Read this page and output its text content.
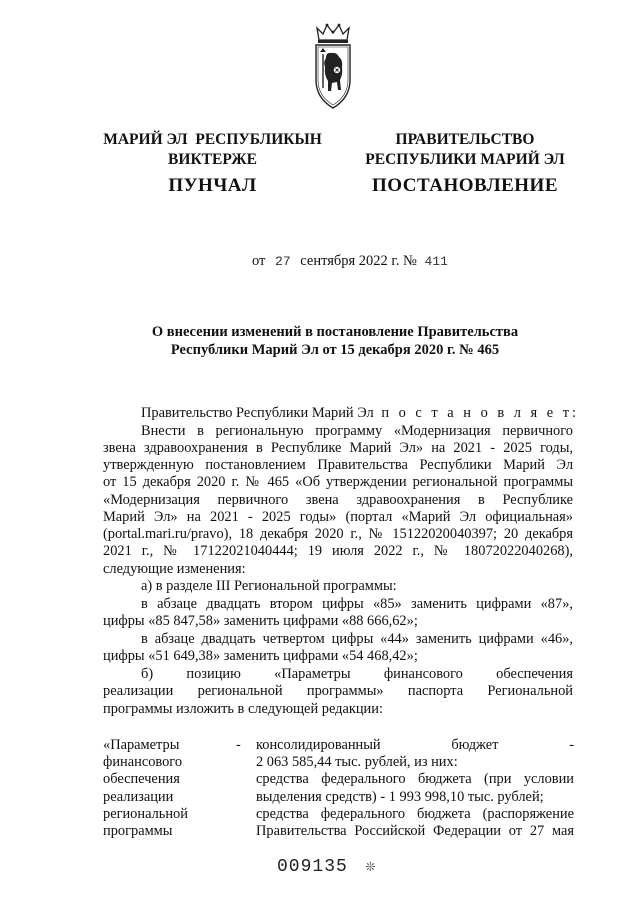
МАРИЙ ЭЛ  РЕСПУБЛИКЫН
ВИКТЕРЖЕ
ПУНЧАЛ
ПРАВИТЕЛЬСТВО
РЕСПУБЛИКИ МАРИЙ ЭЛ
ПОСТАНОВЛЕНИЕ
от 27 сентября 2022 г. № 411
О внесении изменений в постановление Правительства
Республики Марий Эл от 15 декабря 2020 г. № 465
Правительство Республики Марий Эл п о с т а н о в л я е т:
Внести в региональную программу «Модернизация первичного
звена здравоохранения в Республике Марий Эл» на 2021 - 2025 годы,
утвержденную постановлением Правительства Республики Марий Эл
от 15 декабря 2020 г. № 465 «Об утверждении региональной программы
«Модернизация первичного звена здравоохранения в Республике
Марий Эл» на 2021 - 2025 годы» (портал «Марий Эл официальная»
(portal.mari.ru/pravo), 18 декабря 2020 г., № 15122020040397; 20 декабря
2021 г., № 17122021040444; 19 июля 2022 г., № 18072022040268),
следующие изменения:
а) в разделе III Региональной программы:
в абзаце двадцать втором цифры «85» заменить цифрами «87»,
цифры «85 847,58» заменить цифрами «88 666,62»;
в абзаце двадцать четвертом цифры «44» заменить цифрами «46»,
цифры «51 649,38» заменить цифрами «54 468,42»;
б) позицию «Параметры финансового обеспечения
реализации региональной программы» паспорта Региональной
программы изложить в следующей редакции:
«Параметры
финансового
обеспечения
реализации
региональной
программы
- консолидированный бюджет -
2 063 585,44 тыс. рублей, из них:
средства федерального бюджета (при условии
выделения средств) - 1 993 998,10 тыс. рублей;
средства федерального бюджета (распоряжение
Правительства Российской Федерации от 27 мая
009135 ❊
